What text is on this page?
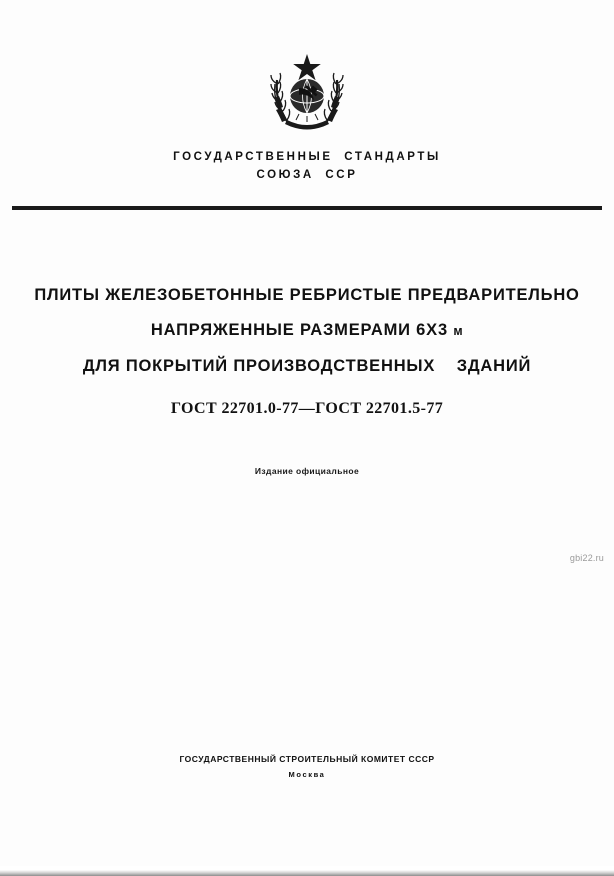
ГОСУДАРСТВЕННЫЕ  СТАНДАРТЫ
СОЮЗА  ССР
ПЛИТЫ ЖЕЛЕЗОБЕТОННЫЕ РЕБРИСТЫЕ ПРЕДВАРИТЕЛЬНО
НАПРЯЖЕННЫЕ РАЗМЕРАМИ 6Х3 м
ДЛЯ ПОКРЫТИЙ ПРОИЗВОДСТВЕННЫХ    ЗДАНИЙ
ГОСТ 22701.0-77—ГОСТ 22701.5-77
Издание официальное
gbi22.ru
ГОСУДАРСТВЕННЫЙ СТРОИТЕЛЬНЫЙ КОМИТЕТ СССР
Москва
